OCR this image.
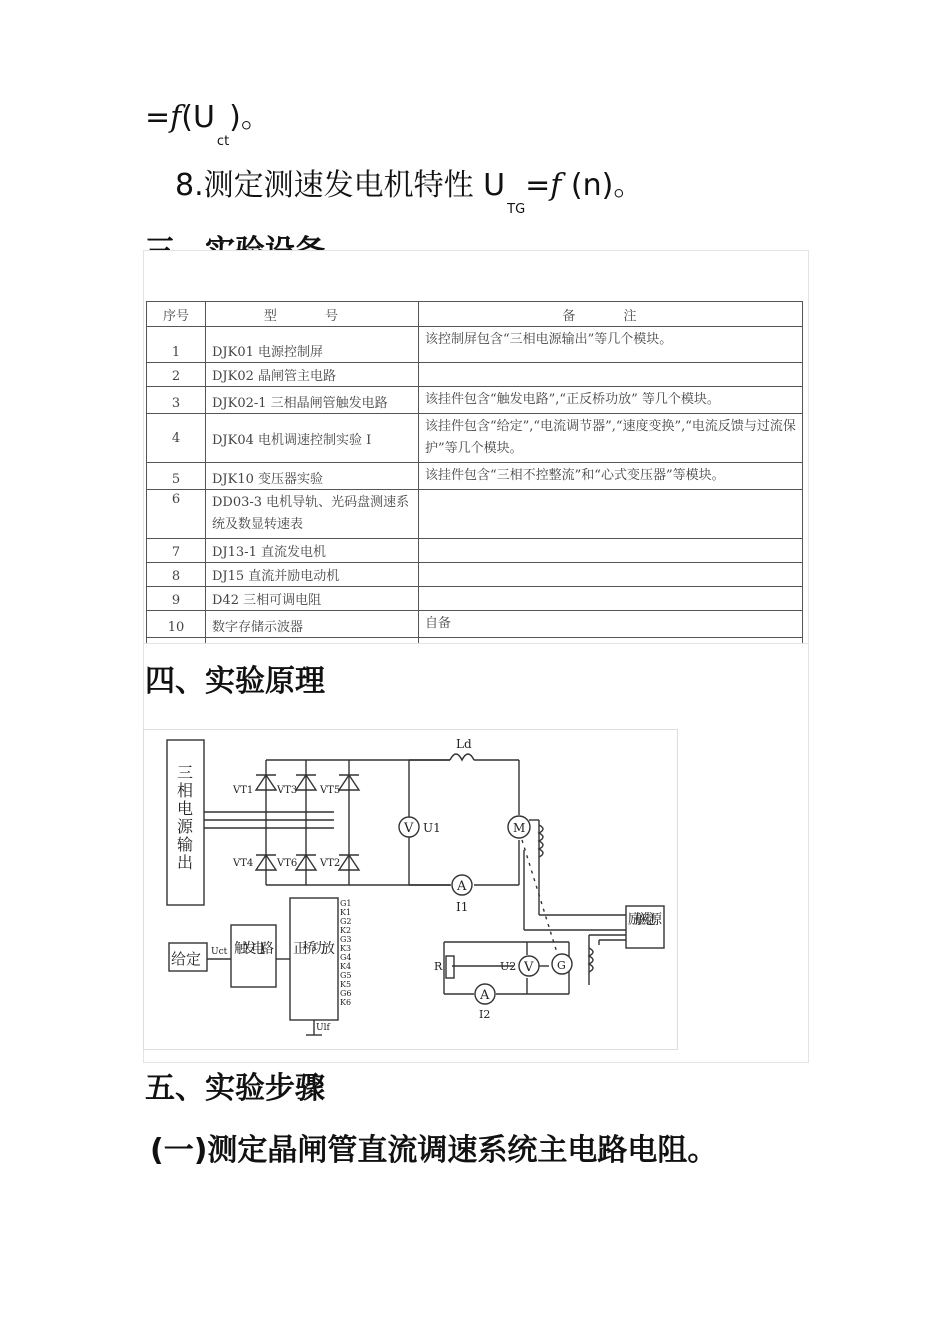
$=f(U_{ct})$。
8.测定测速发电机特性 $U_{TG}=f$ (n)。
序号	型 号	备 注
1	DJK01 电源控制屏	该控制屏包含“三相电源输出”等几个模块。
2	DJK02 晶闸管主电路	
3	DJK02-1 三相晶闸管触发电路	该挂件包含“触发电路”,“正反桥功放” 等几个模块。
4	DJK04 电机调速控制实验 I	该挂件包含“给定”,“电流调节器”,“速度变换”,“电流反馈与过流保护”等几个模块。
5	DJK10 变压器实验	该挂件包含“三相不控整流”和“心式变压器”等模块。
6	DD03-3 电机导轨、光码盘测速系统及数显转速表	
7	DJ13-1 直流发电机	
8	DJ15 直流并励电动机	
9	D42 三相可调电阻	
10	数字存储示波器	自备

四、实验原理
三相电源输出
VT1 VT3 VT5
VT4 VT6 VT2
Ld
V U1
A
I1
M
G
励磁电源
给定 Uct 触发电路 正桥功放
G1
K1
G2
K2
G3
K3
G4
K4
G5
K5
G6
K6
Ulf
R	U2 V
A
I2
五、实验步骤
(一)测定晶闸管直流调速系统主电路电阻。
